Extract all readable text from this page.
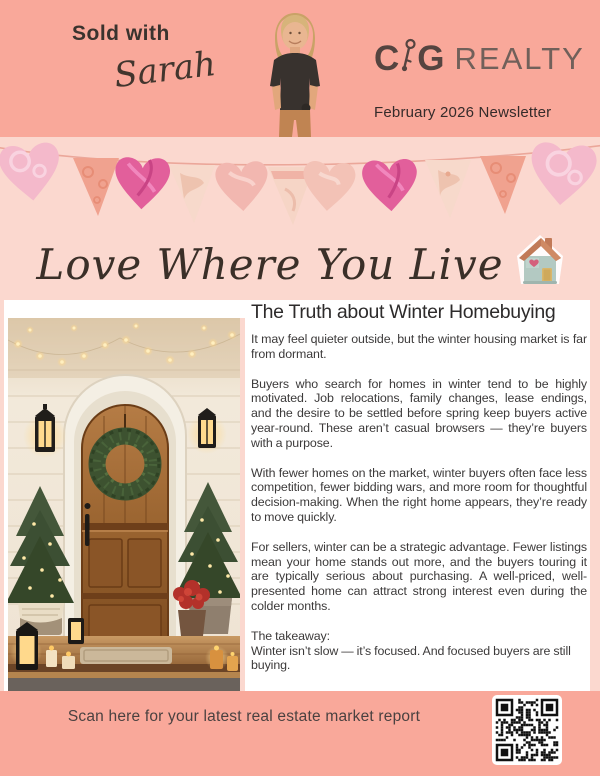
Sold with
Sarah	C G REALTY
February 2026 Newsletter
Love Where You Live
The Truth about Winter Homebuying

It may feel quieter outside, but the winter housing market is far from dormant.

Buyers who search for homes in winter tend to be highly motivated. Job relocations, family changes, lease endings, and the desire to be settled before spring keep buyers active year-round. These aren’t casual browsers — they’re buyers with a purpose.

With fewer homes on the market, winter buyers often face less competition, fewer bidding wars, and more room for thoughtful decision-making. When the right home appears, they’re ready to move quickly.

For sellers, winter can be a strategic advantage. Fewer listings mean your home stands out more, and the buyers touring it are typically serious about purchasing. A well-priced, well-presented home can attract strong interest even during the colder months.

The takeaway:

Winter isn’t slow — it’s focused. And focused buyers are still buying.

Scan here for your latest real estate market report
